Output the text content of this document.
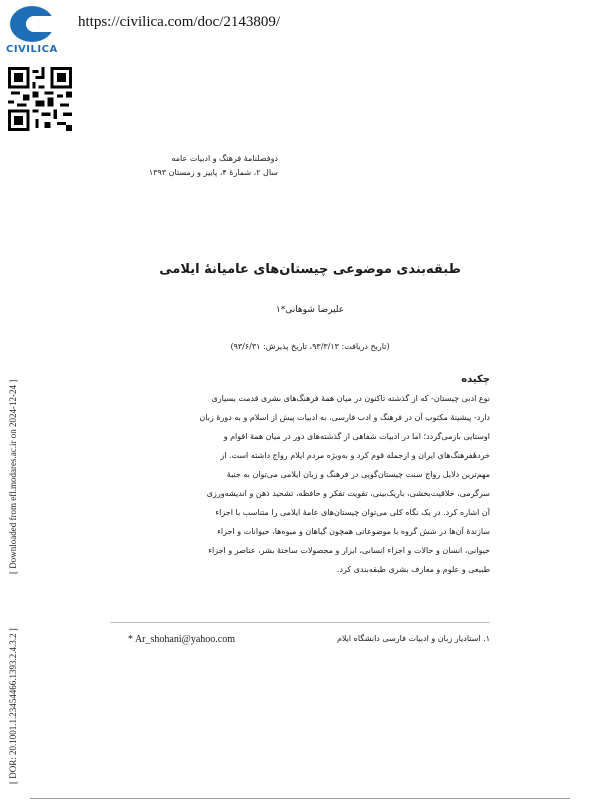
CIVILICA
https://civilica.com/doc/2143809/
[ Downloaded from efl.modares.ac.ir on 2024-12-24 ]
[ DOR: 20.1001.1.23454466.1393.2.4.3.2 ]
دوفصلنامهٔ فرهنگ و ادبیات عامه
سال ۲، شمارهٔ ۴، پاییز و زمستان ۱۳۹۳
طبقه‌بندی موضوعی چیستان‌های عامیانهٔ ایلامی
علیرضا شوهانی*۱
(تاریخ دریافت: ۹۳/۳/۱۳، تاریخ پذیرش: ۹۳/۶/۳۱)
چکیده
نوع ادبی چیستان- که از گذشته تاکنون در میان همهٔ فرهنگ‌های بشری قدمت بسیاری
دارد- پیشینهٔ مکتوب آن در فرهنگ و ادب فارسی، به ادبیات پیش از اسلام و به دورهٔ زبان
اوستایی بازمی‌گردد؛ اما در ادبیات شفاهی از گذشته‌های دور در میان همهٔ اقوام و
خردهٔفرهنگ‌های ایران و ازجمله قوم کرد و به‌ویژه مردم ایلام رواج داشته است. از
مهم‌ترین دلایل رواج سنت چیستان‌گویی در فرهنگ و زبان ایلامی می‌توان به جنبهٔ
سرگرمی، خلاقیت‌بخشی، باریک‌بینی، تقویت تفکر و حافظه، تشحید ذهن و اندیشه‌ورزی
آن اشاره کرد. در یک نگاه کلی می‌توان چیستان‌های عامهٔ ایلامی را متناسب با اجزاء
سازندهٔ آن‌ها در شش گروه با موضوعاتی همچون گیاهان و میوه‌ها، حیوانات و اجزاء
حیوانی، انسان و حالات و اجزاء انسانی، ابزار و محصولات ساختهٔ بشر، عناصر و اجزاء
طبیعی و علوم و معارف بشری طبقه‌بندی کرد.
* Ar_shohani@yahoo.com	۱. استادیار زبان و ادبیات فارسی دانشگاه ایلام
